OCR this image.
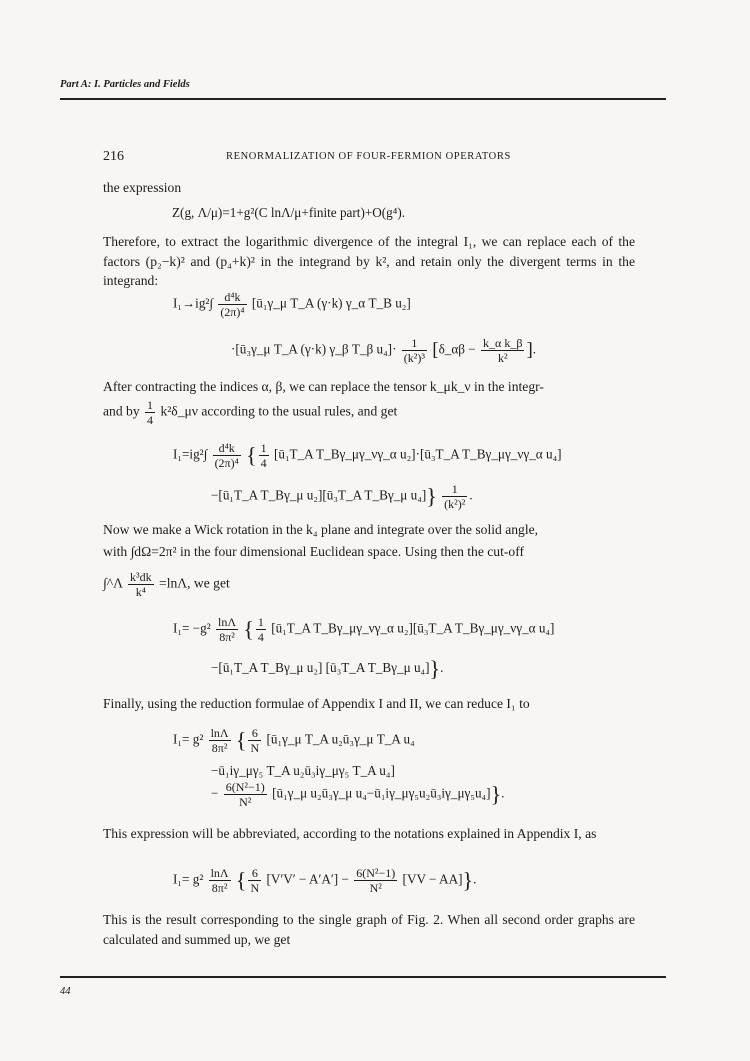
Part A: I. Particles and Fields
216	RENORMALIZATION OF FOUR-FERMION OPERATORS
the expression
Z(g, Λ/μ)=1+g²(C lnΛ/μ+finite part)+O(g⁴).
Therefore, to extract the logarithmic divergence of the integral I₁, we can replace each of the factors (p₂−k)² and (p₄+k)² in the integrand by k², and retain only the divergent terms in the integrand:
$I_1\to ig^2\int \frac{\text{d⁴k}}{\text{(2π)⁴}}$ [ū₁γ_μ T_A (γ·k) γ_α T_B u₂]
·[ū₃γ_μ T_A (γ·k) γ_β T_β $u_4]\cdot \frac{1}{\text{(k²)³}}$ [δ_αβ − $\frac{\text{k\_α k\_β}}{\text{k²}}$ ].
After contracting the indices α, β, we can replace the tensor k_μk_ν in the integr-
and by $\frac{1}{4}$ k²δ_μν according to the usual rules, and get
$I_1=ig^2\int \frac{\text{d⁴k}}{\text{(2π)⁴}}$ { $\frac{1}{4}$ [ū₁T_A T_Bγ_μγ_νγ_α u₂]·[ū₃T_A T_Bγ_μγ_νγ_α u₄]
−[ū₁T_A T_Bγ_μ u₂][ū₃T_A T_Bγ_μ $u_4]\} \frac{1}{\text{(k²)²}}$ .
Now we make a Wick rotation in the k₄ plane and integrate over the solid angle,
with ∫dΩ=2π² in the four dimensional Euclidean space. Using then the cut-off
∫^Λ $\frac{\text{k³dk}}{\text{k⁴}} =\ln\Lambda$, we get
$I_1= -g^2 \frac{\ln\Lambda}{\text{8π²}}$ { $\frac{1}{4}$ [ū₁T_A T_Bγ_μγ_νγ_α u₂][ū₃T_A T_Bγ_μγ_νγ_α u₄]
−[ū₁T_A T_Bγ_μ u₂] [ū₃T_A T_Bγ_μ u₄]}.
Finally, using the reduction formulae of Appendix I and II, we can reduce I₁ to
$I_1= g^2 \frac{\ln\Lambda}{\text{8π²}}$ { $\frac{6}{N}$ [ū₁γ_μ T_A u₂ū₃γ_μ T_A u₄
−ū₁iγ_μγ₅ T_A u₂ū₃iγ_μγ₅ T_A u₄]
− $\frac{\text{6(N²−1)}}{\text{N²}}$ [ū₁γ_μ u₂ū₃γ_μ u₄−ū₁iγ_μγ₅u₂ū₃iγ_μγ₅u₄]}.
This expression will be abbreviated, according to the notations explained in Appendix I, as
$I_1= g^2 \frac{\ln\Lambda}{\text{8π²}}$ { $\frac{6}{N} [V'V' - A'A'] - \frac{\text{6(N²−1)}}{\text{N²}} [VV - AA]$}.
This is the result corresponding to the single graph of Fig. 2. When all second order graphs are calculated and summed up, we get
44
